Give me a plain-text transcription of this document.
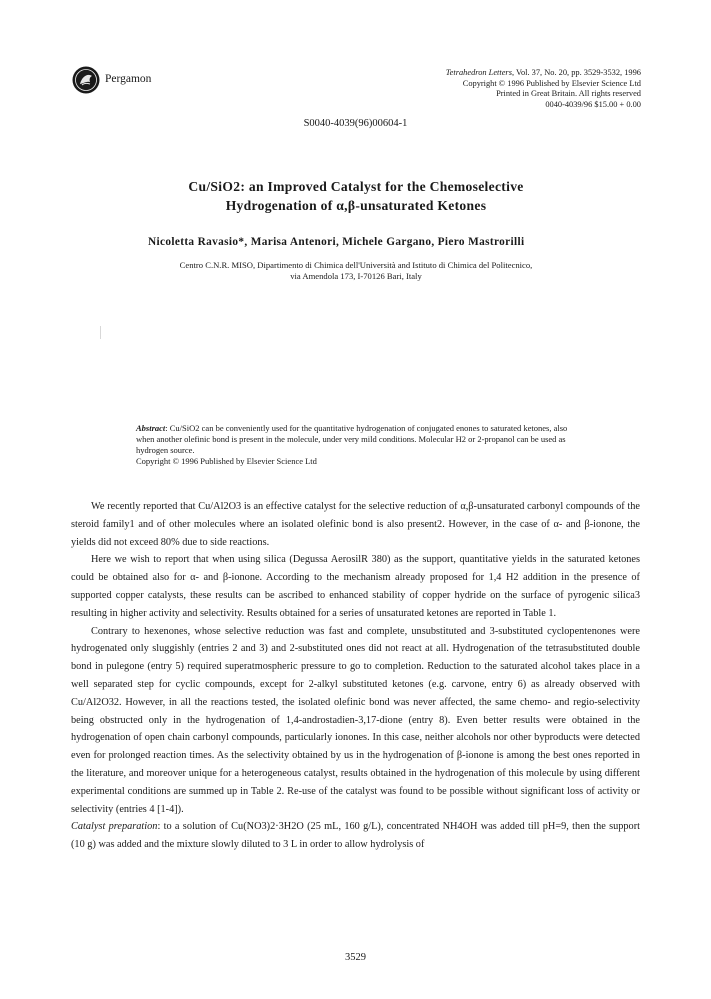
Pergamon
Tetrahedron Letters, Vol. 37, No. 20, pp. 3529-3532, 1996
Copyright © 1996 Published by Elsevier Science Ltd
Printed in Great Britain. All rights reserved
0040-4039/96 $15.00 + 0.00
S0040-4039(96)00604-1
Cu/SiO2: an Improved Catalyst for the Chemoselective
Hydrogenation of α,β-unsaturated Ketones
Nicoletta Ravasio*, Marisa Antenori, Michele Gargano, Piero Mastrorilli
Centro C.N.R. MISO, Dipartimento di Chimica dell'Università and Istituto di Chimica del Politecnico,
via Amendola 173, I-70126 Bari, Italy
Abstract: Cu/SiO2 can be conveniently used for the quantitative hydrogenation of conjugated enones to saturated ketones, also when another olefinic bond is present in the molecule, under very mild conditions. Molecular H2 or 2-propanol can be used as hydrogen source.
Copyright © 1996 Published by Elsevier Science Ltd

We recently reported that Cu/Al2O3 is an effective catalyst for the selective reduction of α,β-unsaturated carbonyl compounds of the steroid family1 and of other molecules where an isolated olefinic bond is also present2. However, in the case of α- and β-ionone, the yields did not exceed 80% due to side reactions.

Here we wish to report that when using silica (Degussa AerosilR 380) as the support, quantitative yields in the saturated ketones could be obtained also for α- and β-ionone. According to the mechanism already proposed for 1,4 H2 addition in the presence of supported copper catalysts, these results can be ascribed to enhanced stability of copper hydride on the surface of pyrogenic silica3 resulting in higher activity and selectivity. Results obtained for a series of unsaturated ketones are reported in Table 1.

Contrary to hexenones, whose selective reduction was fast and complete, unsubstituted and 3-substituted cyclopentenones were hydrogenated only sluggishly (entries 2 and 3) and 2-substituted ones did not react at all. Hydrogenation of the tetrasubstituted double bond in pulegone (entry 5) required superatmospheric pressure to go to completion. Reduction to the saturated alcohol takes place in a well separated step for cyclic compounds, except for 2-alkyl substituted ketones (e.g. carvone, entry 6) as already observed with Cu/Al2O32. However, in all the reactions tested, the isolated olefinic bond was never affected, the same chemo- and regio-selectivity being obstructed only in the hydrogenation of 1,4-androstadien-3,17-dione (entry 8). Even better results were obtained in the hydrogenation of open chain carbonyl compounds, particularly ionones. In this case, neither alcohols nor other byproducts were detected even for prolonged reaction times. As the selectivity obtained by us in the hydrogenation of β-ionone is among the best ones reported in the literature, and moreover unique for a heterogeneous catalyst, results obtained in the hydrogenation of this molecule by using different experimental conditions are summed up in Table 2. Re-use of the catalyst was found to be possible without significant loss of activity or selectivity (entries 4 [1-4]).

Catalyst preparation: to a solution of Cu(NO3)2·3H2O (25 mL, 160 g/L), concentrated NH4OH was added till pH=9, then the support (10 g) was added and the mixture slowly diluted to 3 L in order to allow hydrolysis of

3529
